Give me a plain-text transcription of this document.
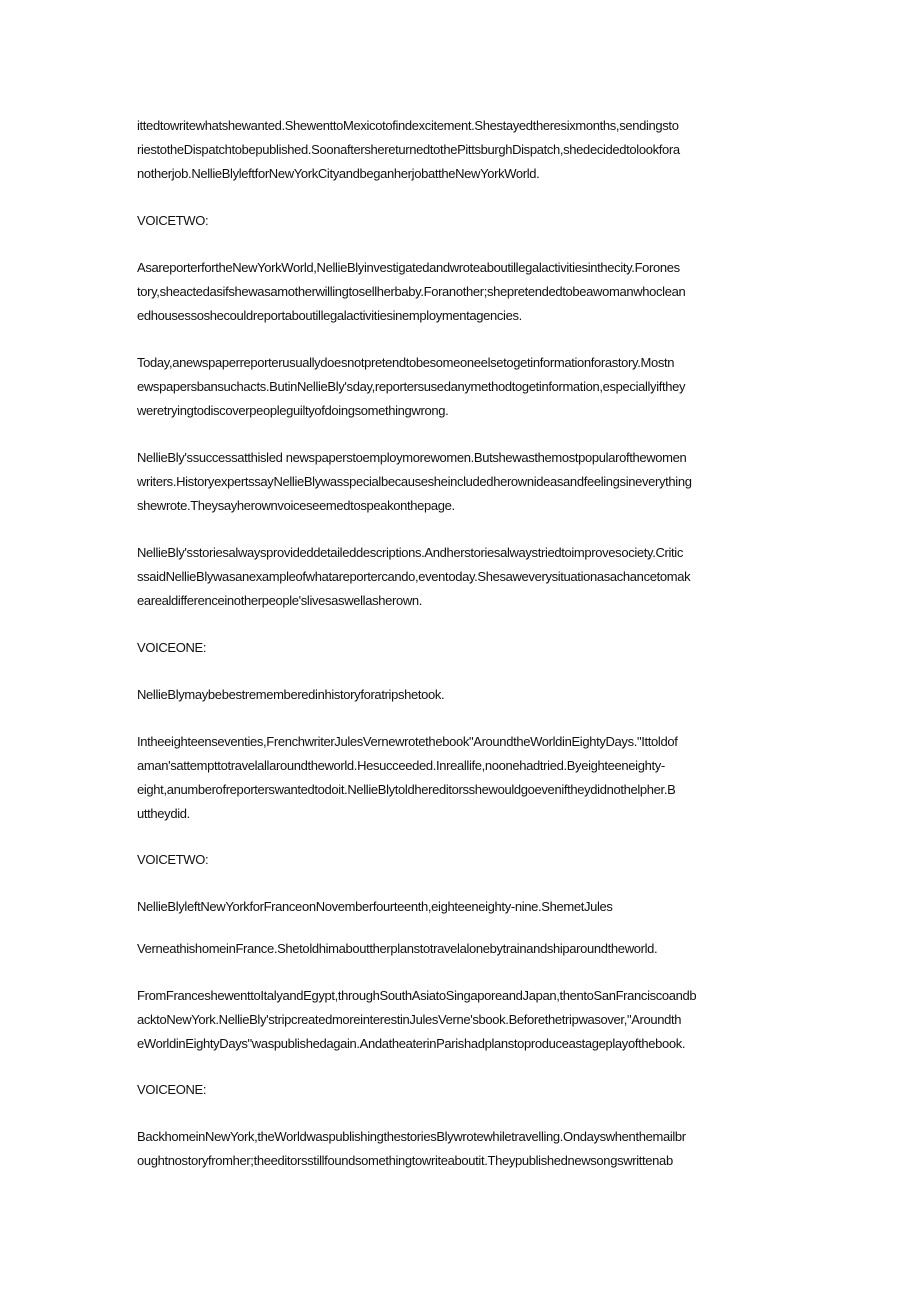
ittedtowritewhatshewanted.ShewenttoMexicotofindexcitement.Shestayedtheresixmonths,sendingsto
riestotheDispatchtobepublished.SoonaftershereturnedtothePittsburghDispatch,shedecidedtolookfora
notherjob.NellieBlyleftforNewYorkCityandbeganherjobattheNewYorkWorld.
VOICETWO:
AsareporterfortheNewYorkWorld,NellieBlyinvestigatedandwroteaboutillegalactivitiesinthecity.Forones
tory,sheactedasifshewasamotherwillingtosellherbaby.Foranother;shepretendedtobeawomanwhoclean
edhousessoshecouldreportaboutillegalactivitiesinemploymentagencies.
Today,anewspaperreporterusuallydoesnotpretendtobesomeoneelsetogetinformationforastory.Mostn
ewspapersbansuchacts.ButinNellieBly'sday,reportersusedanymethodtogetinformation,especiallyifthey
weretryingtodiscoverpeopleguiltyofdoingsomethingwrong.
NellieBly'ssuccessatthisled newspaperstoemploymorewomen.Butshewasthemostpopularofthewomen
writers.HistoryexpertssayNellieBlywasspecialbecausesheincludedherownideasandfeelingsineverything
shewrote.Theysayherownvoiceseemedtospeakonthepage.
NellieBly'sstoriesalwaysprovideddetaileddescriptions.Andherstoriesalwaystriedtoimprovesociety.Critic
ssaidNellieBlywasanexampleofwhatareportercando,eventoday.Shesaweverysituationasachancetomak
earealdifferenceinotherpeople'slivesaswellasherown.
VOICEONE:
NellieBlymaybebestrememberedinhistoryforatripshetook.
Intheeighteenseventies,FrenchwriterJulesVernewrotethebook"AroundtheWorldinEightyDays."Ittoldof
aman'sattempttotravelallaroundtheworld.Hesucceeded.Inreallife,noonehadtried.Byeighteeneighty-
eight,anumberofreporterswantedtodoit.NellieBlytoldhereditorsshewouldgoeveniftheydidnothelpher.B
uttheydid.
VOICETWO:
NellieBlyleftNewYorkforFranceonNovemberfourteenth,eighteeneighty-nine.ShemetJules
VerneathishomeinFrance.Shetoldhimabouttherplanstotravelalonebytrainandshiparoundtheworld.
FromFranceshewenttoItalyandEgypt,throughSouthAsiatoSingaporeandJapan,thentoSanFranciscoandb
acktoNewYork.NellieBly'stripcreatedmoreinterestinJulesVerne'sbook.Beforethetripwasover,"Aroundth
eWorldinEightyDays"waspublishedagain.AndatheaterinParishadplanstoproduceastageplayofthebook.
VOICEONE:
BackhomeinNewYork,theWorldwaspublishingthestoriesBlywrotewhiletravelling.Ondayswhenthemailbr
oughtnostoryfromher;theeditorsstillfoundsomethingtowriteaboutit.Theypublishednewsongswrittenab
